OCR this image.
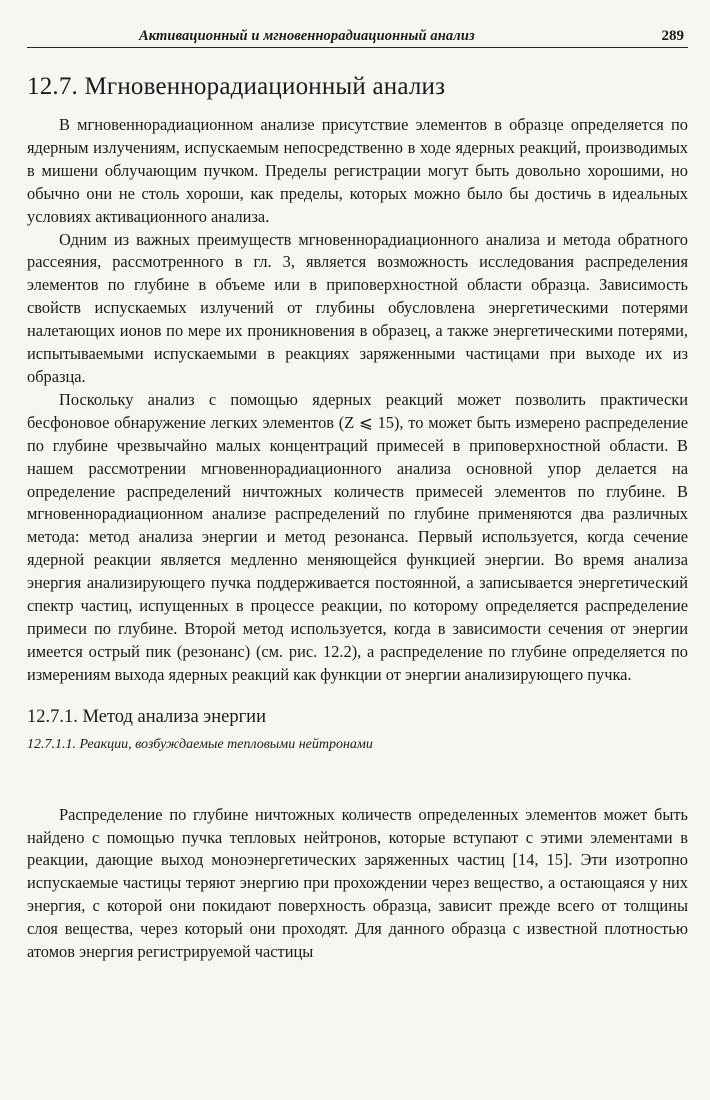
Активационный и мгновеннорадиационный анализ	289
12.7. Мгновеннорадиационный анализ

В мгновеннорадиационном анализе присутствие элементов в образце определяется по ядерным излучениям, испускаемым непосредственно в ходе ядерных реакций, производимых в мишени облучающим пучком. Пределы регистрации могут быть довольно хорошими, но обычно они не столь хороши, как пределы, которых можно было бы достичь в идеальных условиях активационного анализа.

Одним из важных преимуществ мгновеннорадиационного анализа и метода обратного рассеяния, рассмотренного в гл. 3, является возможность исследования распределения элементов по глубине в объеме или в приповерхностной области образца. Зависимость свойств испускаемых излучений от глубины обусловлена энергетическими потерями налетающих ионов по мере их проникновения в образец, а также энергетическими потерями, испытываемыми испускаемыми в реакциях заряженными частицами при выходе их из образца.

Поскольку анализ с помощью ядерных реакций может позволить практически бесфоновое обнаружение легких элементов (Z ⩽ 15), то может быть измерено распределение по глубине чрезвычайно малых концентраций примесей в приповерхностной области. В нашем рассмотрении мгновеннорадиационного анализа основной упор делается на определение распределений ничтожных количеств примесей элементов по глубине. В мгновеннорадиационном анализе распределений по глубине применяются два различных метода: метод анализа энергии и метод резонанса. Первый используется, когда сечение ядерной реакции является медленно меняющейся функцией энергии. Во время анализа энергия анализирующего пучка поддерживается постоянной, а записывается энергетический спектр частиц, испущенных в процессе реакции, по которому определяется распределение примеси по глубине. Второй метод используется, когда в зависимости сечения от энергии имеется острый пик (резонанс) (см. рис. 12.2), а распределение по глубине определяется по измерениям выхода ядерных реакций как функции от энергии анализирующего пучка.

12.7.1. Метод анализа энергии
12.7.1.1. Реакции, возбуждаемые тепловыми нейтронами

Распределение по глубине ничтожных количеств определенных элементов может быть найдено с помощью пучка тепловых нейтронов, которые вступают с этими элементами в реакции, дающие выход моноэнергетических заряженных частиц [14, 15]. Эти изотропно испускаемые частицы теряют энергию при прохождении через вещество, а остающаяся у них энергия, с которой они покидают поверхность образца, зависит прежде всего от толщины слоя вещества, через который они проходят. Для данного образца с известной плотностью атомов энергия регистрируемой частицы
